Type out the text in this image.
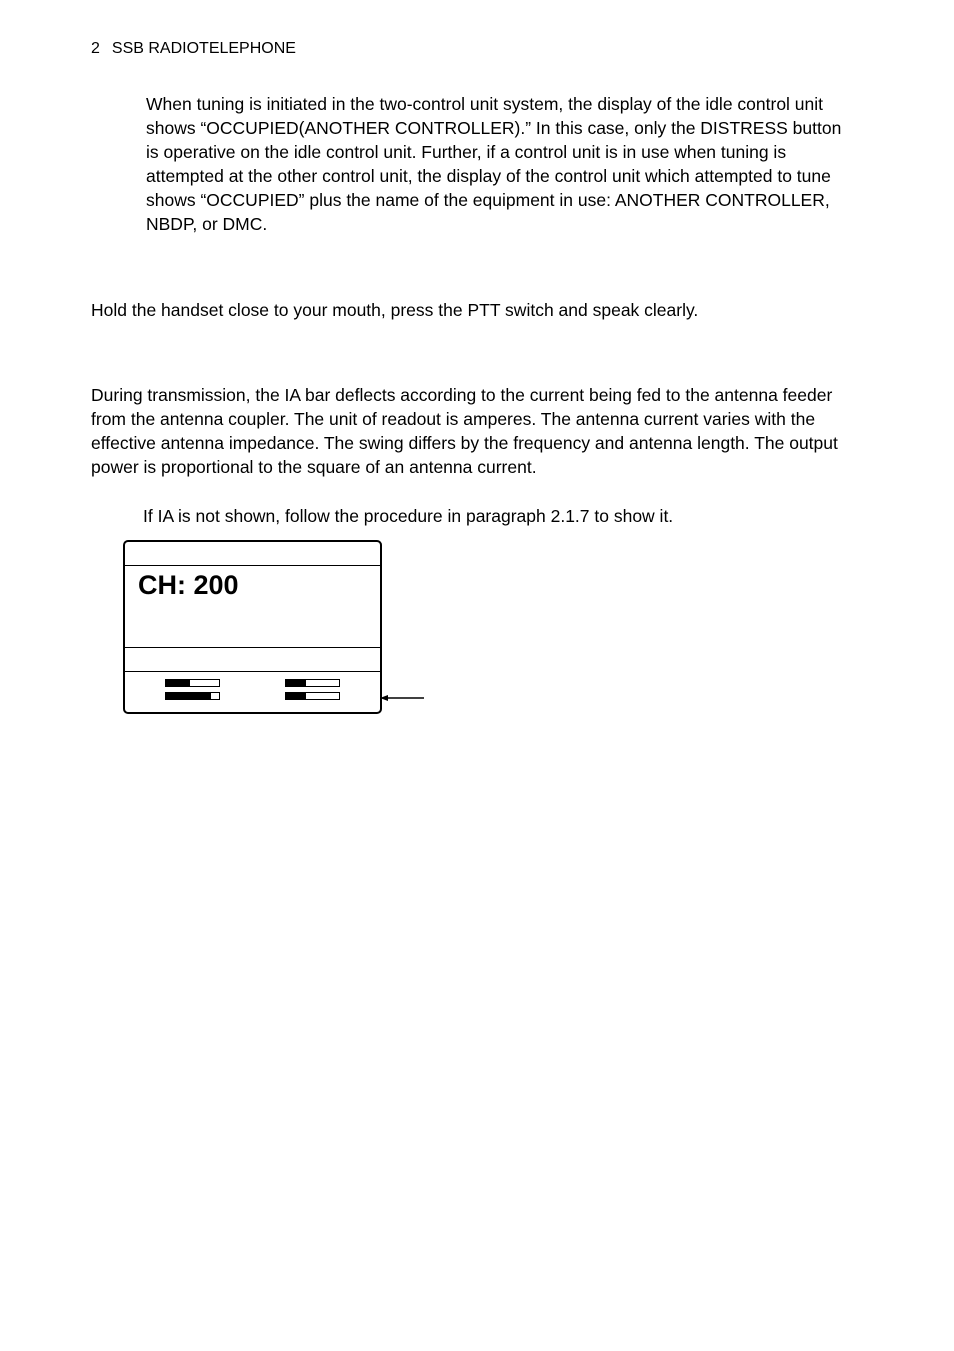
2 SSB RADIOTELEPHONE

When tuning is initiated in the two-control unit system, the display of the idle control unit shows “OCCUPIED(ANOTHER CONTROLLER).” In this case, only the DISTRESS button is operative on the idle control unit. Further, if a control unit is in use when tuning is attempted at the other control unit, the display of the control unit which attempted to tune shows “OCCUPIED” plus the name of the equipment in use: ANOTHER CONTROLLER, NBDP, or DMC.

Hold the handset close to your mouth, press the PTT switch and speak clearly.

During transmission, the IA bar deflects according to the current being fed to the antenna feeder from the antenna coupler. The unit of readout is amperes. The antenna current varies with the effective antenna impedance. The swing differs by the frequency and antenna length. The output power is proportional to the square of an antenna current.

If IA is not shown, follow the procedure in paragraph 2.1.7 to show it.

CH: 200
